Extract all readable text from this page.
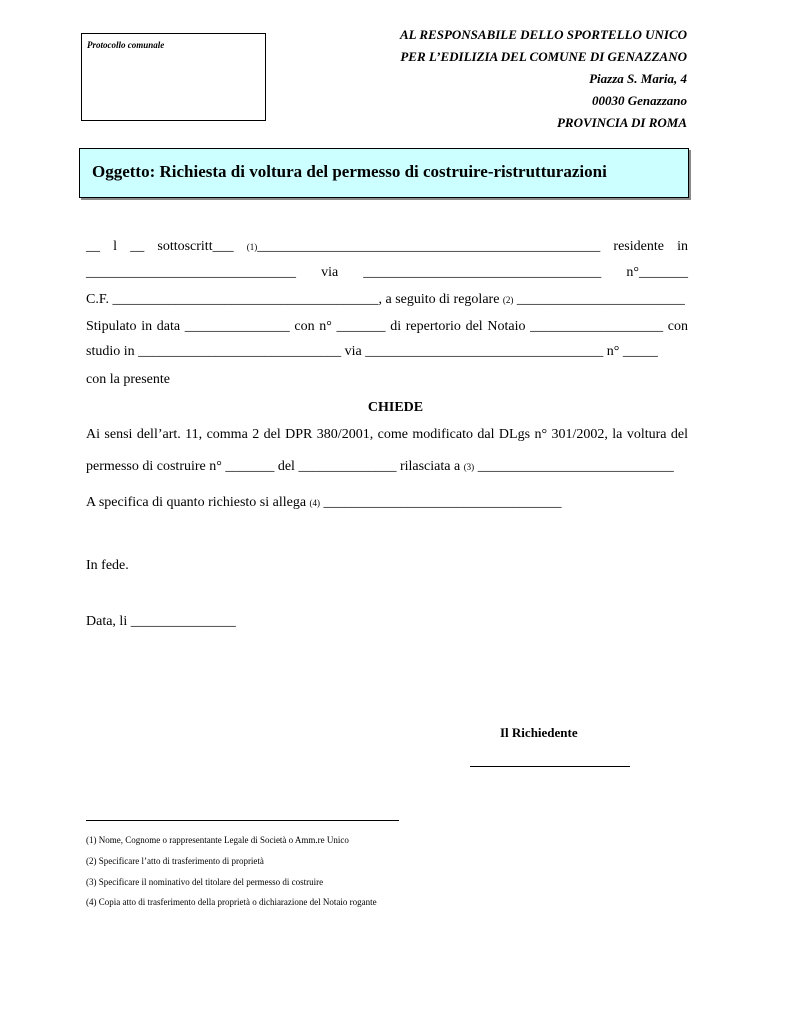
Protocollo comunale
AL RESPONSABILE DELLO SPORTELLO UNICO
PER L’EDILIZIA DEL COMUNE DI GENAZZANO
Piazza S. Maria, 4
00030 Genazzano
PROVINCIA DI ROMA
Oggetto: Richiesta di voltura del permesso di costruire-ristrutturazioni
__ l __ sottoscritt___ (1)_________________________________________________ residente in
______________________________ via __________________________________ n°_______
C.F. ______________________________________, a seguito di regolare (2) ________________________
Stipulato in data _______________ con n° _______ di repertorio del Notaio ___________________ con
studio in _____________________________ via __________________________________ n° _____
con la presente
CHIEDE
Ai sensi dell’art. 11, comma 2 del DPR 380/2001, come modificato dal DLgs n° 301/2002, la voltura del
permesso di costruire n° _______ del ______________ rilasciata a (3) ____________________________
A specifica di quanto richiesto si allega (4) __________________________________
In fede.
Data, li _______________
Il Richiedente
(1) Nome, Cognome o rappresentante Legale di Società o Amm.re Unico
(2) Specificare l’atto di trasferimento di proprietà
(3) Specificare il nominativo del titolare del permesso di costruire
(4) Copia atto di trasferimento della proprietà o dichiarazione del Notaio rogante
